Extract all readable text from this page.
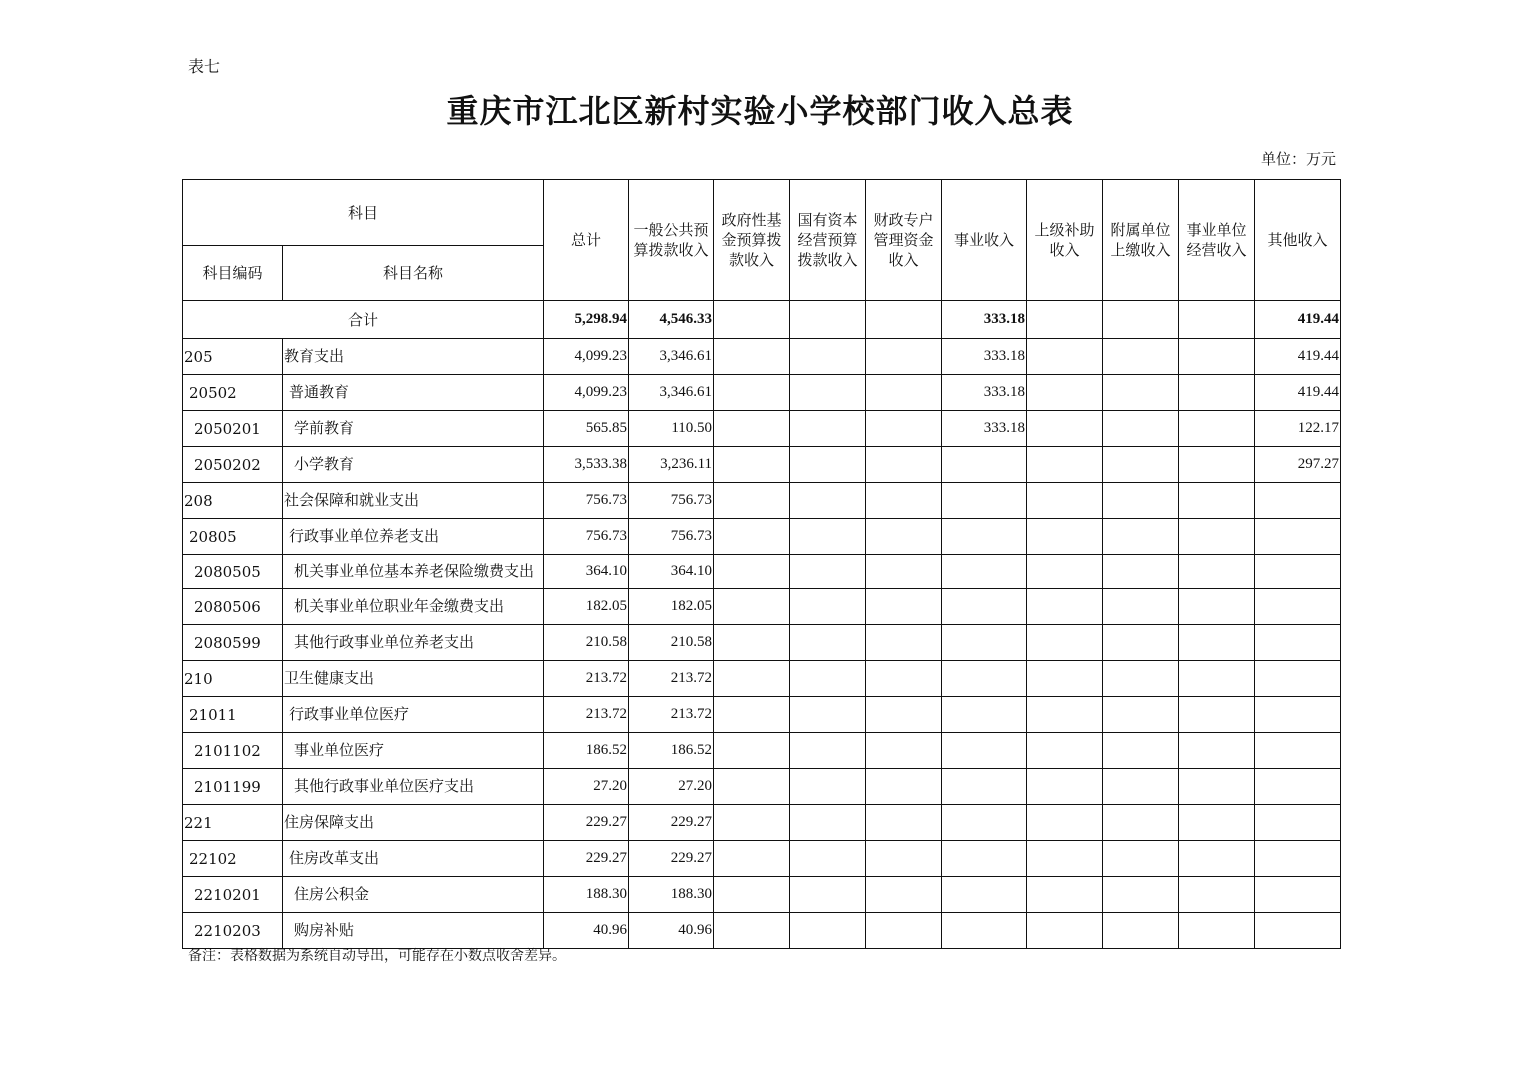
表七
重庆市江北区新村实验小学校部门收入总表
单位：万元
科目		总计	一般公共预算拨款收入	政府性基金预算拨款收入	国有资本经营预算拨款收入	财政专户管理资金收入	事业收入	上级补助收入	附属单位上缴收入	事业单位经营收入	其他收入
科目编码	科目名称										
合计		5,298.94	4,546.33				333.18				419.44
205	教育支出	4,099.23	3,346.61				333.18				419.44
20502	普通教育	4,099.23	3,346.61				333.18				419.44
2050201	学前教育	565.85	110.50				333.18				122.17
2050202	小学教育	3,533.38	3,236.11								297.27
208	社会保障和就业支出	756.73	756.73								
20805	行政事业单位养老支出	756.73	756.73								
2080505	机关事业单位基本养老保险缴费支出	364.10	364.10								
2080506	机关事业单位职业年金缴费支出	182.05	182.05								
2080599	其他行政事业单位养老支出	210.58	210.58								
210	卫生健康支出	213.72	213.72								
21011	行政事业单位医疗	213.72	213.72								
2101102	事业单位医疗	186.52	186.52								
2101199	其他行政事业单位医疗支出	27.20	27.20								
221	住房保障支出	229.27	229.27								
22102	住房改革支出	229.27	229.27								
2210201	住房公积金	188.30	188.30								
2210203	购房补贴	40.96	40.96								
备注：表格数据为系统自动导出，可能存在小数点收舍差异。
